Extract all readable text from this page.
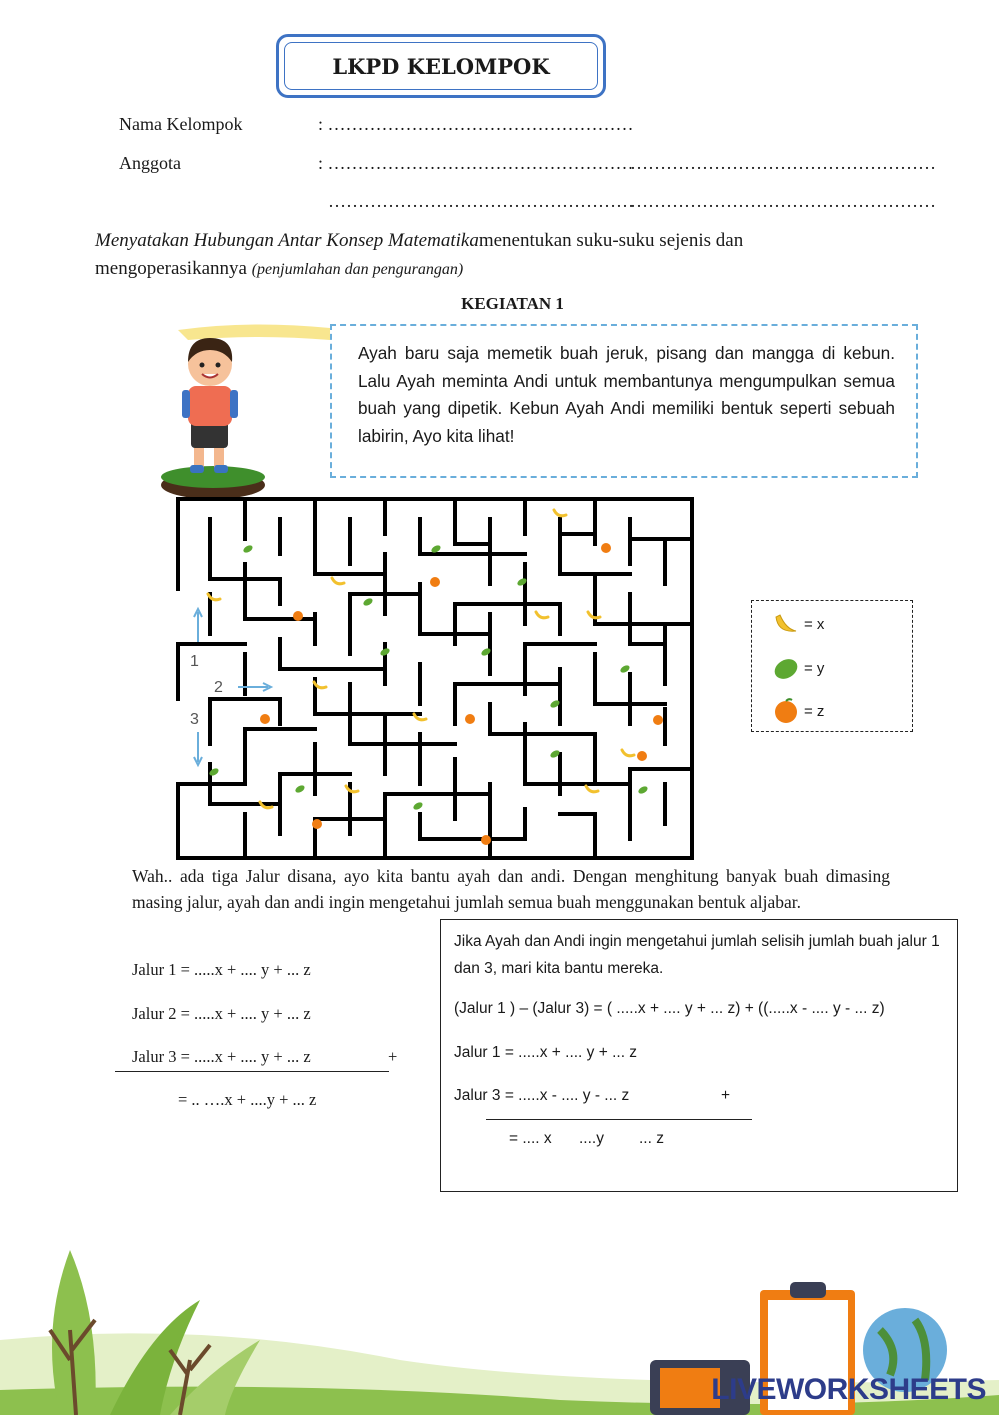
LKPD KELOMPOK
Nama Kelompok	: ……………………………………………
Anggota	: ……………………………………………
……………………………………………
……………………………………………
……………………………………………
Menyatakan Hubungan Antar Konsep Matematikamenentukan suku-suku sejenis dan mengoperasikannya (penjumlahan dan pengurangan)
KEGIATAN 1

Ayah baru saja memetik buah jeruk, pisang dan mangga di kebun. Lalu Ayah meminta Andi untuk membantunya mengumpulkan semua buah yang dipetik. Kebun Ayah Andi memiliki bentuk seperti sebuah labirin, Ayo kita lihat!

1
2
3
= x
= y
= z
Wah.. ada tiga Jalur disana, ayo kita bantu ayah dan andi. Dengan menghitung banyak buah dimasing masing jalur, ayah dan andi ingin mengetahui jumlah semua buah menggunakan bentuk aljabar.
Jalur 1 = .....x + .... y + ... z
Jalur 2 = .....x + .... y + ... z
Jalur 3 = .....x + .... y + ... z	+
= .. ….x + ....y + ... z
Jika Ayah dan Andi ingin mengetahui jumlah selisih jumlah buah jalur 1 dan 3, mari kita bantu mereka.
(Jalur 1 ) – (Jalur 3) = ( .....x + .... y + ... z) + ((.....x - .... y - ... z)
Jalur 1 = .....x + .... y + ... z
Jalur 3 = .....x - .... y - ... z	+
= .... x ....y ... z
LIVEWORKSHEETS
